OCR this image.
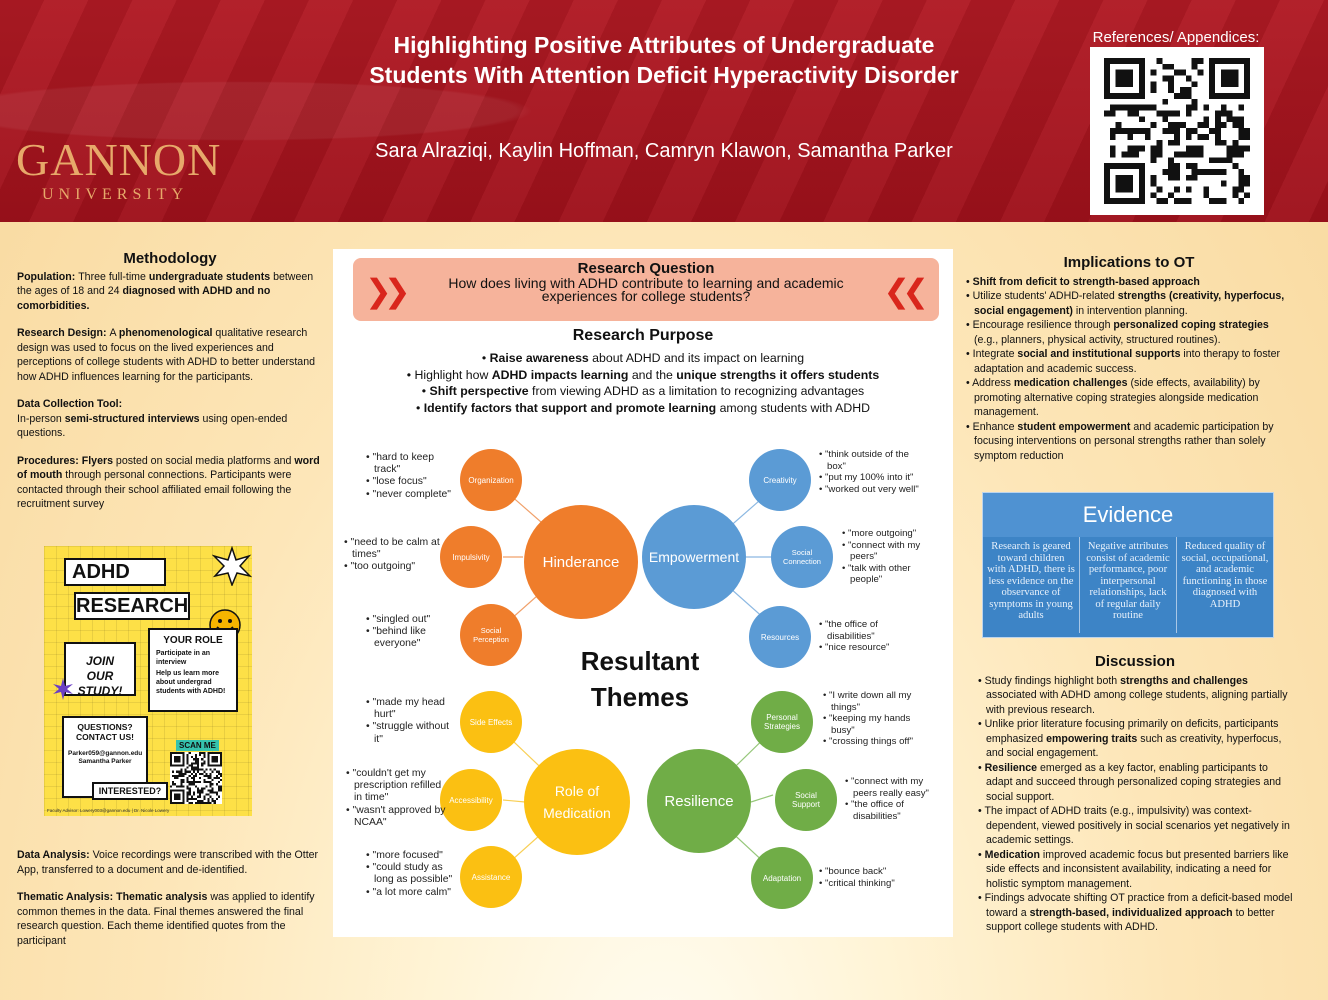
GANNON
UNIVERSITY
Highlighting Positive Attributes of Undergraduate Students With Attention Deficit Hyperactivity Disorder
Sara Alraziqi, Kaylin Hoffman, Camryn Klawon, Samantha Parker
References/ Appendices:
Methodology

Population: Three full-time undergraduate students between the ages of 18 and 24 diagnosed with ADHD and no comorbidities.

Research Design: A phenomenological qualitative research design was used to focus on the lived experiences and perceptions of college students with ADHD to better understand how ADHD influences learning for the participants.

Data Collection Tool:
In-person semi-structured interviews using open-ended questions.

Procedures: Flyers posted on social media platforms and word of mouth through personal connections. Participants were contacted through their school affiliated email following the recruitment survey

ADHD
RESEARCH
JOIN OUR STUDY!
YOUR ROLE
Participate in an interview
Help us learn more about undergrad students with ADHD!
QUESTIONS? CONTACT US!
Parker059@gannon.edu Samantha Parker
SCAN ME
INTERESTED?
Faculty Advisor: Lowery003@gannon.edu | Dr. Nicole Lowery

Data Analysis: Voice recordings were transcribed with the Otter App, transferred to a document and de-identified.

Thematic Analysis: Thematic analysis was applied to identify common themes in the data. Final themes answered the final research question. Each theme identified quotes from the participant

❯❯	❮❮
Research Question
How does living with ADHD contribute to learning and academic experiences for college students?
Research Purpose
• Raise awareness about ADHD and its impact on learning
• Highlight how ADHD impacts learning and the unique strengths it offers students
• Shift perspective from viewing ADHD as a limitation to recognizing advantages
• Identify factors that support and promote learning among students with ADHD
Hinderance
Organization
Impulsivity
Social Perception
Empowerment
Creativity
Social Connection
Resources
Resultant Themes
Role of Medication
Side Effects
Accessibility
Assistance
Resilience
Personal Strategies
Social Support
Adaptation
• "hard to keep track"
• "lose focus"
• "never complete"
• "need to be calm at times"
• "too outgoing"
• "singled out"
• "behind like everyone"
• "think outside of the box"
• "put my 100% into it"
• "worked out very well"
• "more outgoing"
• "connect with my peers"
• "talk with other people"
• "the office of disabilities"
• "nice resource"
• "made my head hurt"
• "struggle without it"
• "couldn't get my prescription refilled in time"
• "wasn't approved by NCAA"
• "more focused"
• "could study as long as possible"
• "a lot more calm"
• "I write down all my things"
• "keeping my hands busy"
• "crossing things off"
• "connect with my peers really easy"
• "the office of disabilities"
• "bounce back"
• "critical thinking"
Implications to OT
• Shift from deficit to strength-based approach
• Utilize students' ADHD-related strengths (creativity, hyperfocus, social engagement) in intervention planning.
• Encourage resilience through personalized coping strategies (e.g., planners, physical activity, structured routines).
• Integrate social and institutional supports into therapy to foster adaptation and academic success.
• Address medication challenges (side effects, availability) by promoting alternative coping strategies alongside medication management.
• Enhance student empowerment and academic participation by focusing interventions on personal strengths rather than solely symptom reduction
Evidence
Research is geared toward children with ADHD, there is less evidence on the observance of symptoms in young adults
Negative attributes consist of academic performance, poor interpersonal relationships, lack of regular daily routine
Reduced quality of social, occupational, and academic functioning in those diagnosed with ADHD
Discussion
• Study findings highlight both strengths and challenges associated with ADHD among college students, aligning partially with previous research.
• Unlike prior literature focusing primarily on deficits, participants emphasized empowering traits such as creativity, hyperfocus, and social engagement.
• Resilience emerged as a key factor, enabling participants to adapt and succeed through personalized coping strategies and social support.
• The impact of ADHD traits (e.g., impulsivity) was context-dependent, viewed positively in social scenarios yet negatively in academic settings.
• Medication improved academic focus but presented barriers like side effects and inconsistent availability, indicating a need for holistic symptom management.
• Findings advocate shifting OT practice from a deficit-based model toward a strength-based, individualized approach to better support college students with ADHD.
